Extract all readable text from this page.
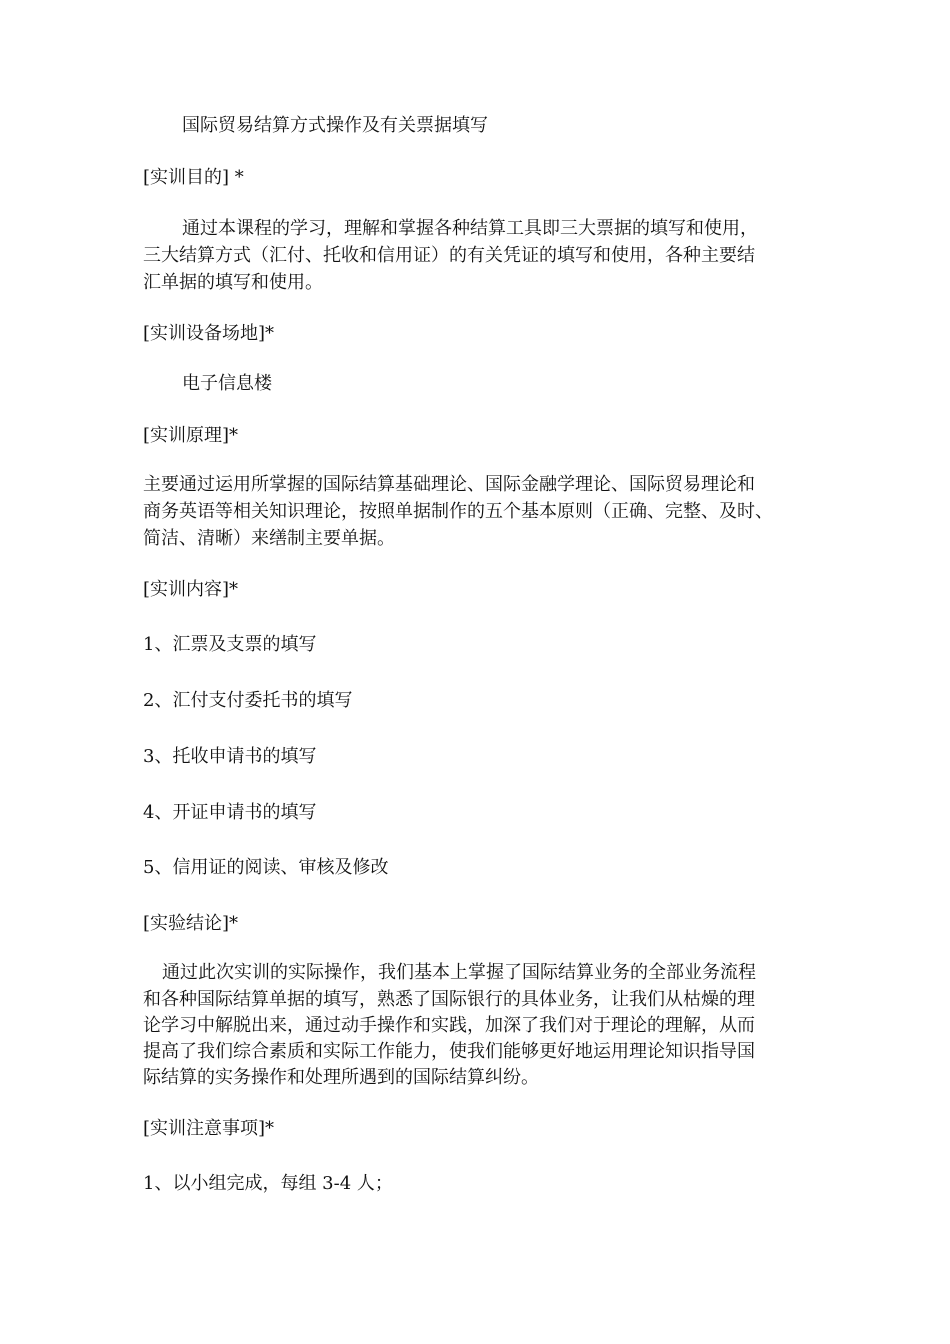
国际贸易结算方式操作及有关票据填写
[实训目的] *
通过本课程的学习，理解和掌握各种结算工具即三大票据的填写和使用，
三大结算方式（汇付、托收和信用证）的有关凭证的填写和使用，各种主要结
汇单据的填写和使用。
[实训设备场地]*
电子信息楼
[实训原理]*
主要通过运用所掌握的国际结算基础理论、国际金融学理论、国际贸易理论和
商务英语等相关知识理论，按照单据制作的五个基本原则（正确、完整、及时、
简洁、清晰）来缮制主要单据。
[实训内容]*
1、汇票及支票的填写
2、汇付支付委托书的填写
3、托收申请书的填写
4、开证申请书的填写
5、信用证的阅读、审核及修改
[实验结论]*
通过此次实训的实际操作，我们基本上掌握了国际结算业务的全部业务流程
和各种国际结算单据的填写，熟悉了国际银行的具体业务，让我们从枯燥的理
论学习中解脱出来，通过动手操作和实践，加深了我们对于理论的理解，从而
提高了我们综合素质和实际工作能力，使我们能够更好地运用理论知识指导国
际结算的实务操作和处理所遇到的国际结算纠纷。
[实训注意事项]*
1、以小组完成，每组 3-4 人；
